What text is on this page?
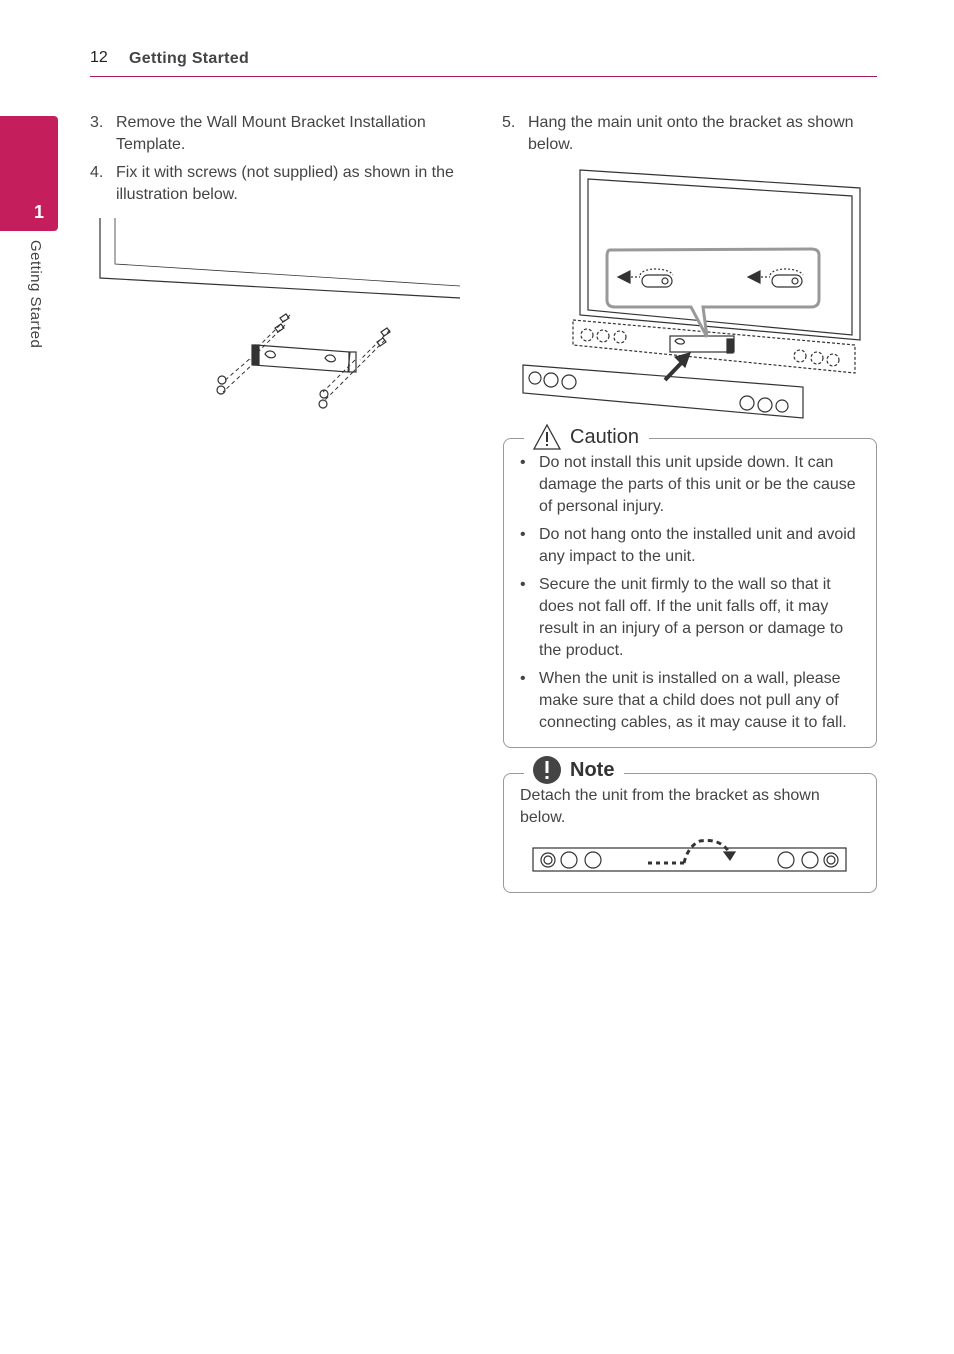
12 Getting Started
1
Getting Started
3. Remove the Wall Mount Bracket Installation Template.
4. Fix it with screws (not supplied) as shown in the illustration below.
5. Hang the main unit onto the bracket as shown below.
Caution
• Do not install this unit upside down. It can damage the parts of this unit or be the cause of personal injury.
• Do not hang onto the installed unit and avoid any impact to the unit.
• Secure the unit firmly to the wall so that it does not fall off. If the unit falls off, it may result in an injury of a person or damage to the product.
• When the unit is installed on a wall, please make sure that a child does not pull any of connecting cables, as it may cause it to fall.
Note
Detach the unit from the bracket as shown below.
